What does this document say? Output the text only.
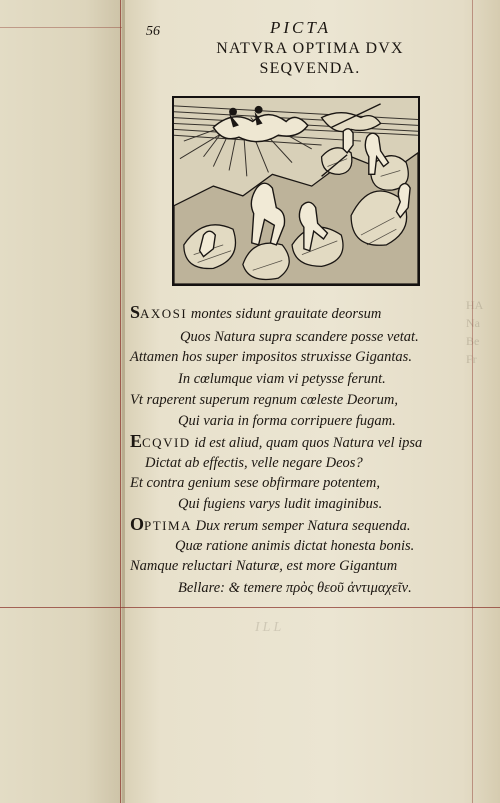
HA
Na
Be
Fr
56	PICTA
NATVRA OPTIMA DVX
SEQVENDA.
SAXOSI montes sidunt grauitate deorsum
Quos Natura supra scandere posse vetat.
Attamen hos super impositos struxisse Gigantas.
In cœlumque viam vi petysse ferunt.
Vt raperent superum regnum cœleste Deorum,
Qui varia in forma corripuere fugam.
ECQVID id est aliud, quam quos Natura vel ipsa
Dictat ab effectis, velle negare Deos?
Et contra genium sese obfirmare potentem,
Qui fugiens varys ludit imaginibus.
OPTIMA Dux rerum semper Natura sequenda.
Quæ ratione animis dictat honesta bonis.
Namque reluctari Naturæ, est more Gigantum
Bellare: & temere πρὸς θεοῦ ἀντιμαχεῖν.
ILL
